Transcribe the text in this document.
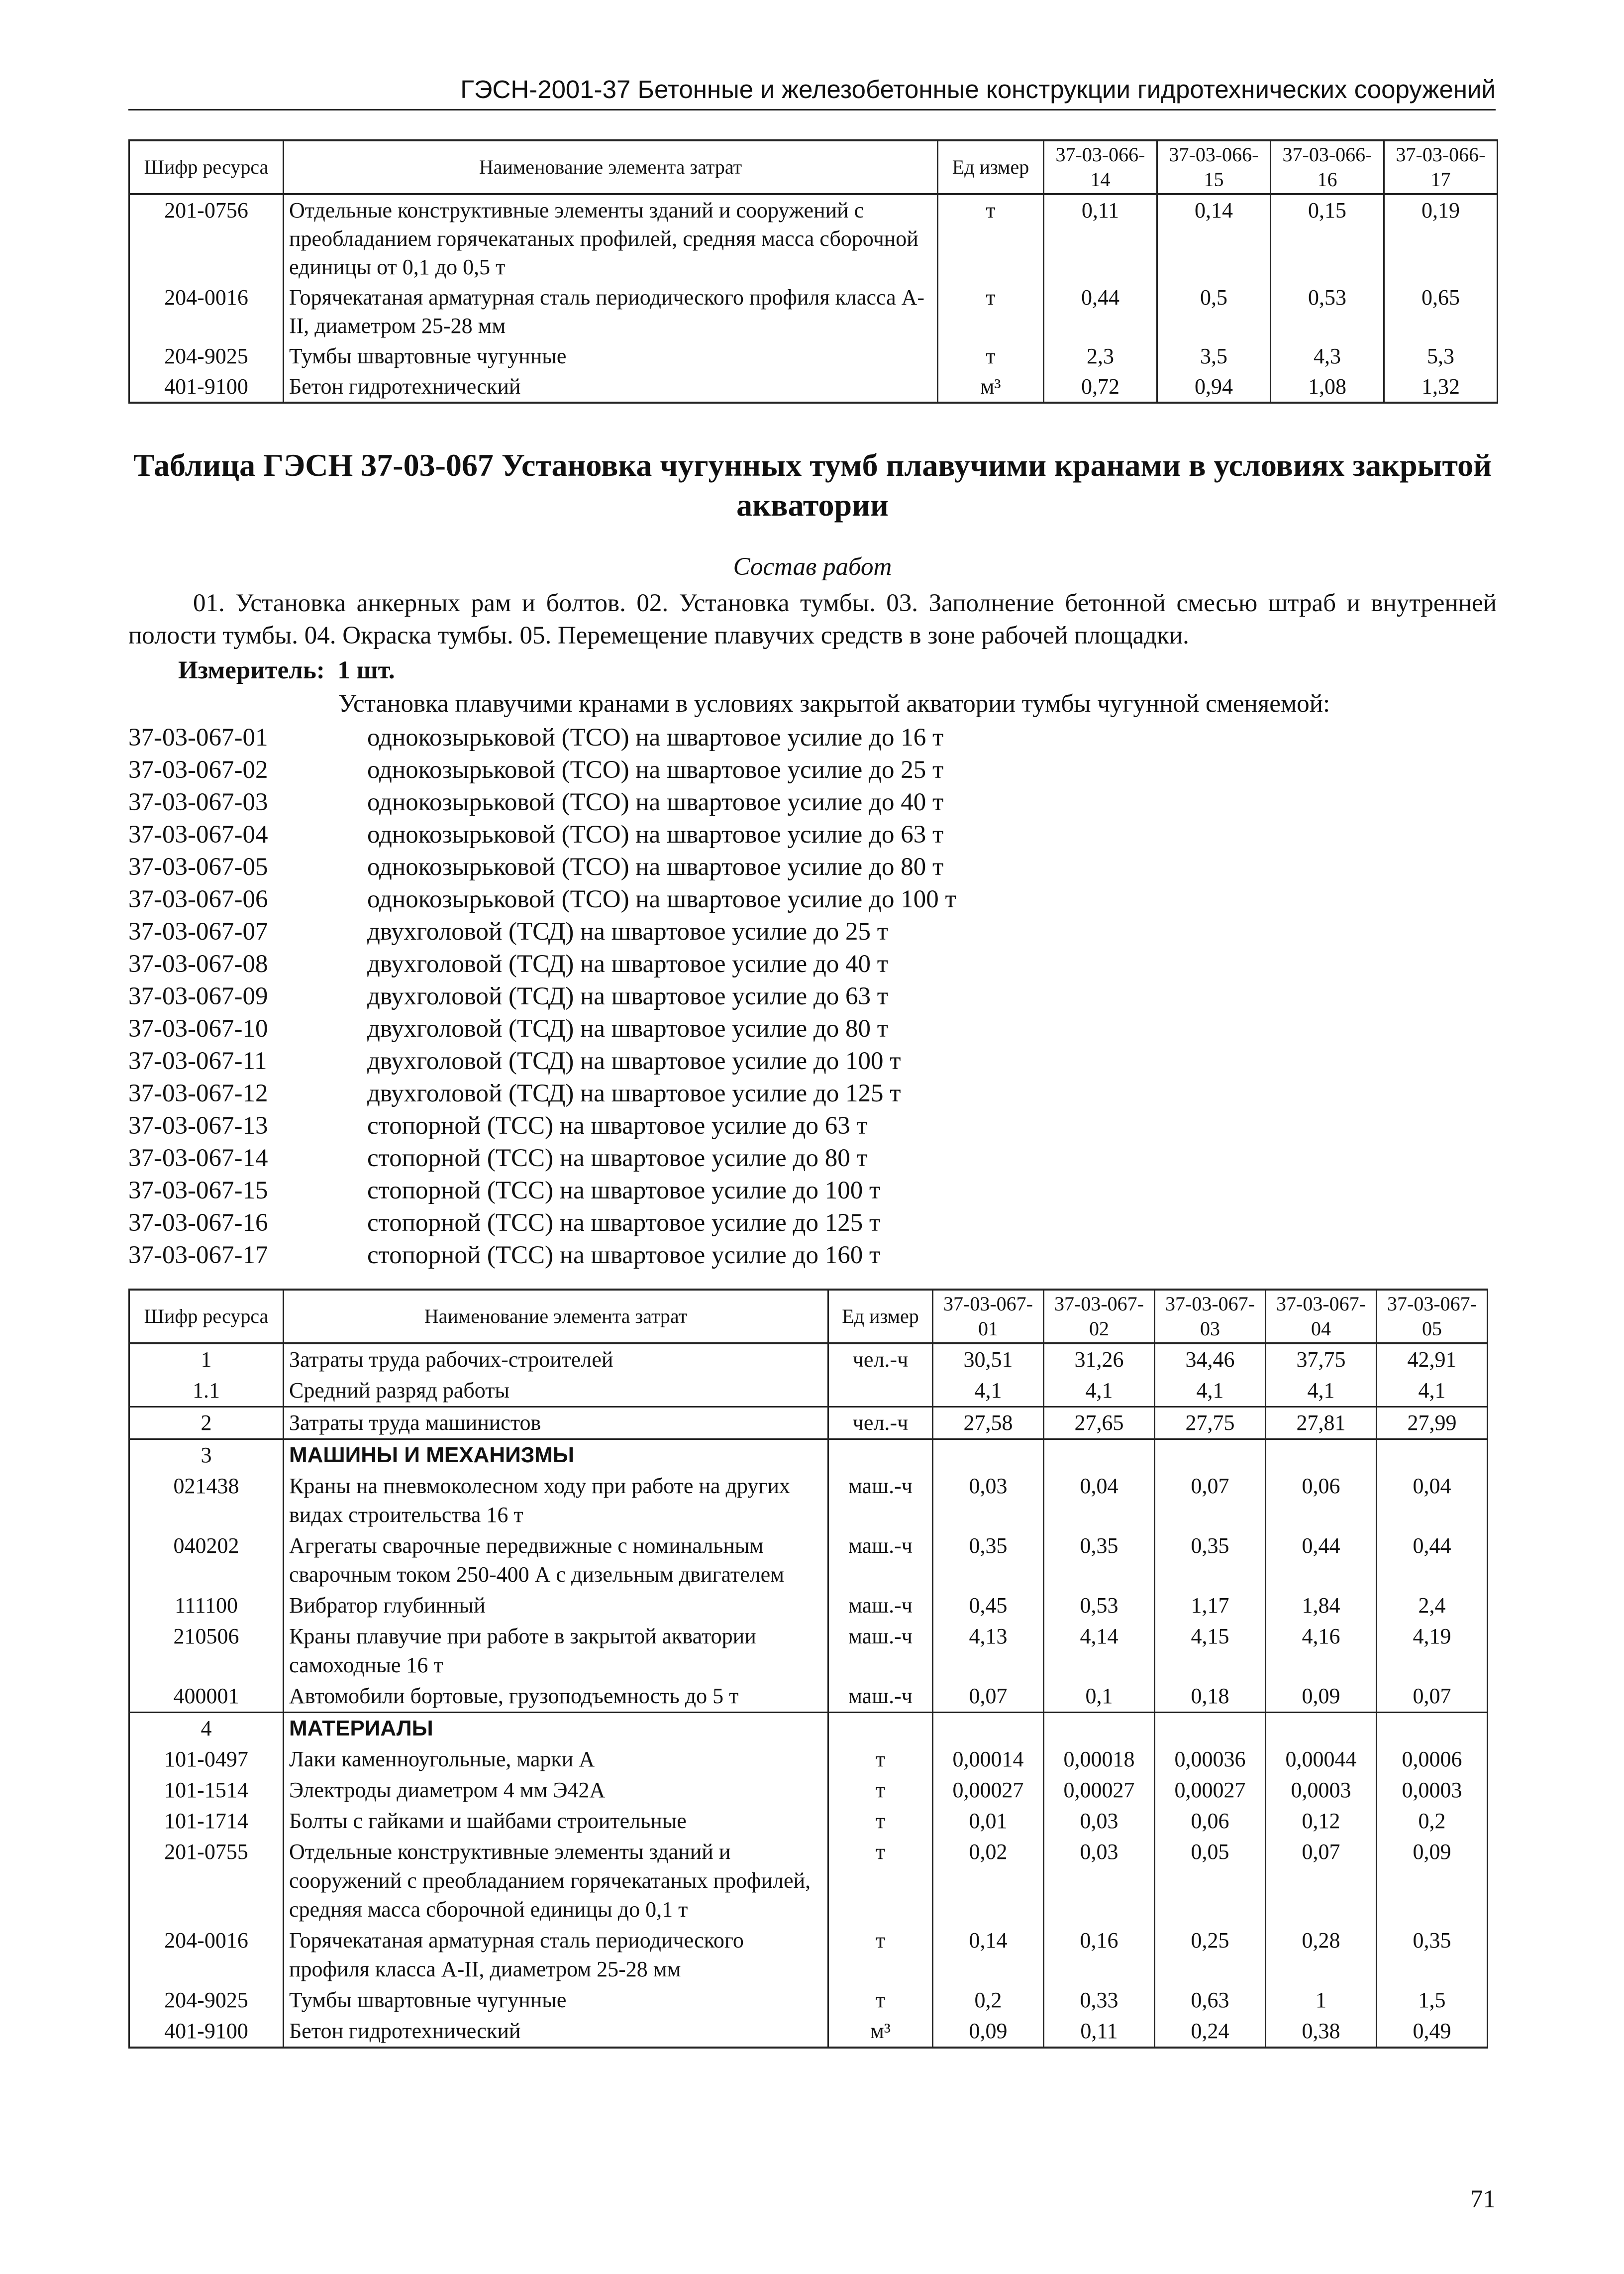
ГЭСН-2001-37 Бетонные и железобетонные конструкции гидротехнических сооружений
Шифр ресурса	Наименование элемента затрат	Ед измер	37-03-066-14	37-03-066-15	37-03-066-16	37-03-066-17
201-0756	Отдельные конструктивные элементы зданий и сооружений с преобладанием горячекатаных профилей, средняя масса сборочной единицы от 0,1 до 0,5 т	т	0,11	0,14	0,15	0,19
204-0016	Горячекатаная арматурная сталь периодического профиля класса А-II, диаметром 25-28 мм	т	0,44	0,5	0,53	0,65
204-9025	Тумбы швартовные чугунные	т	2,3	3,5	4,3	5,3
401-9100	Бетон гидротехнический	м³	0,72	0,94	1,08	1,32
Таблица ГЭСН 37-03-067 Установка чугунных тумб плавучими кранами в условиях закрытой акватории
Состав работ
01. Установка анкерных рам и болтов. 02. Установка тумбы. 03. Заполнение бетонной смесью штраб и внутренней полости тумбы. 04. Окраска тумбы. 05. Перемещение плавучих средств в зоне рабочей площадки.
Измеритель: 1 шт.
Установка плавучими кранами в условиях закрытой акватории тумбы чугунной сменяемой:
37-03-067-01	однокозырьковой (ТСО) на швартовое усилие до 16 т
37-03-067-02	однокозырьковой (ТСО) на швартовое усилие до 25 т
37-03-067-03	однокозырьковой (ТСО) на швартовое усилие до 40 т
37-03-067-04	однокозырьковой (ТСО) на швартовое усилие до 63 т
37-03-067-05	однокозырьковой (ТСО) на швартовое усилие до 80 т
37-03-067-06	однокозырьковой (ТСО) на швартовое усилие до 100 т
37-03-067-07	двухголовой (ТСД) на швартовое усилие до 25 т
37-03-067-08	двухголовой (ТСД) на швартовое усилие до 40 т
37-03-067-09	двухголовой (ТСД) на швартовое усилие до 63 т
37-03-067-10	двухголовой (ТСД) на швартовое усилие до 80 т
37-03-067-11	двухголовой (ТСД) на швартовое усилие до 100 т
37-03-067-12	двухголовой (ТСД) на швартовое усилие до 125 т
37-03-067-13	стопорной (ТСС) на швартовое усилие до 63 т
37-03-067-14	стопорной (ТСС) на швартовое усилие до 80 т
37-03-067-15	стопорной (ТСС) на швартовое усилие до 100 т
37-03-067-16	стопорной (ТСС) на швартовое усилие до 125 т
37-03-067-17	стопорной (ТСС) на швартовое усилие до 160 т
Шифр ресурса	Наименование элемента затрат	Ед измер	37-03-067-01	37-03-067-02	37-03-067-03	37-03-067-04	37-03-067-05
1	Затраты труда рабочих-строителей	чел.-ч	30,51	31,26	34,46	37,75	42,91
1.1	Средний разряд работы		4,1	4,1	4,1	4,1	4,1
2	Затраты труда машинистов	чел.-ч	27,58	27,65	27,75	27,81	27,99
3	МАШИНЫ И МЕХАНИЗМЫ						
021438	Краны на пневмоколесном ходу при работе на других видах строительства 16 т	маш.-ч	0,03	0,04	0,07	0,06	0,04
040202	Агрегаты сварочные передвижные с номинальным сварочным током 250-400 А с дизельным двигателем	маш.-ч	0,35	0,35	0,35	0,44	0,44
111100	Вибратор глубинный	маш.-ч	0,45	0,53	1,17	1,84	2,4
210506	Краны плавучие при работе в закрытой акватории самоходные 16 т	маш.-ч	4,13	4,14	4,15	4,16	4,19
400001	Автомобили бортовые, грузоподъемность до 5 т	маш.-ч	0,07	0,1	0,18	0,09	0,07
4	МАТЕРИАЛЫ						
101-0497	Лаки каменноугольные, марки А	т	0,00014	0,00018	0,00036	0,00044	0,0006
101-1514	Электроды диаметром 4 мм Э42А	т	0,00027	0,00027	0,00027	0,0003	0,0003
101-1714	Болты с гайками и шайбами строительные	т	0,01	0,03	0,06	0,12	0,2
201-0755	Отдельные конструктивные элементы зданий и сооружений с преобладанием горячекатаных профилей, средняя масса сборочной единицы до 0,1 т	т	0,02	0,03	0,05	0,07	0,09
204-0016	Горячекатаная арматурная сталь периодического профиля класса А-II, диаметром 25-28 мм	т	0,14	0,16	0,25	0,28	0,35
204-9025	Тумбы швартовные чугунные	т	0,2	0,33	0,63	1	1,5
401-9100	Бетон гидротехнический	м³	0,09	0,11	0,24	0,38	0,49
71
